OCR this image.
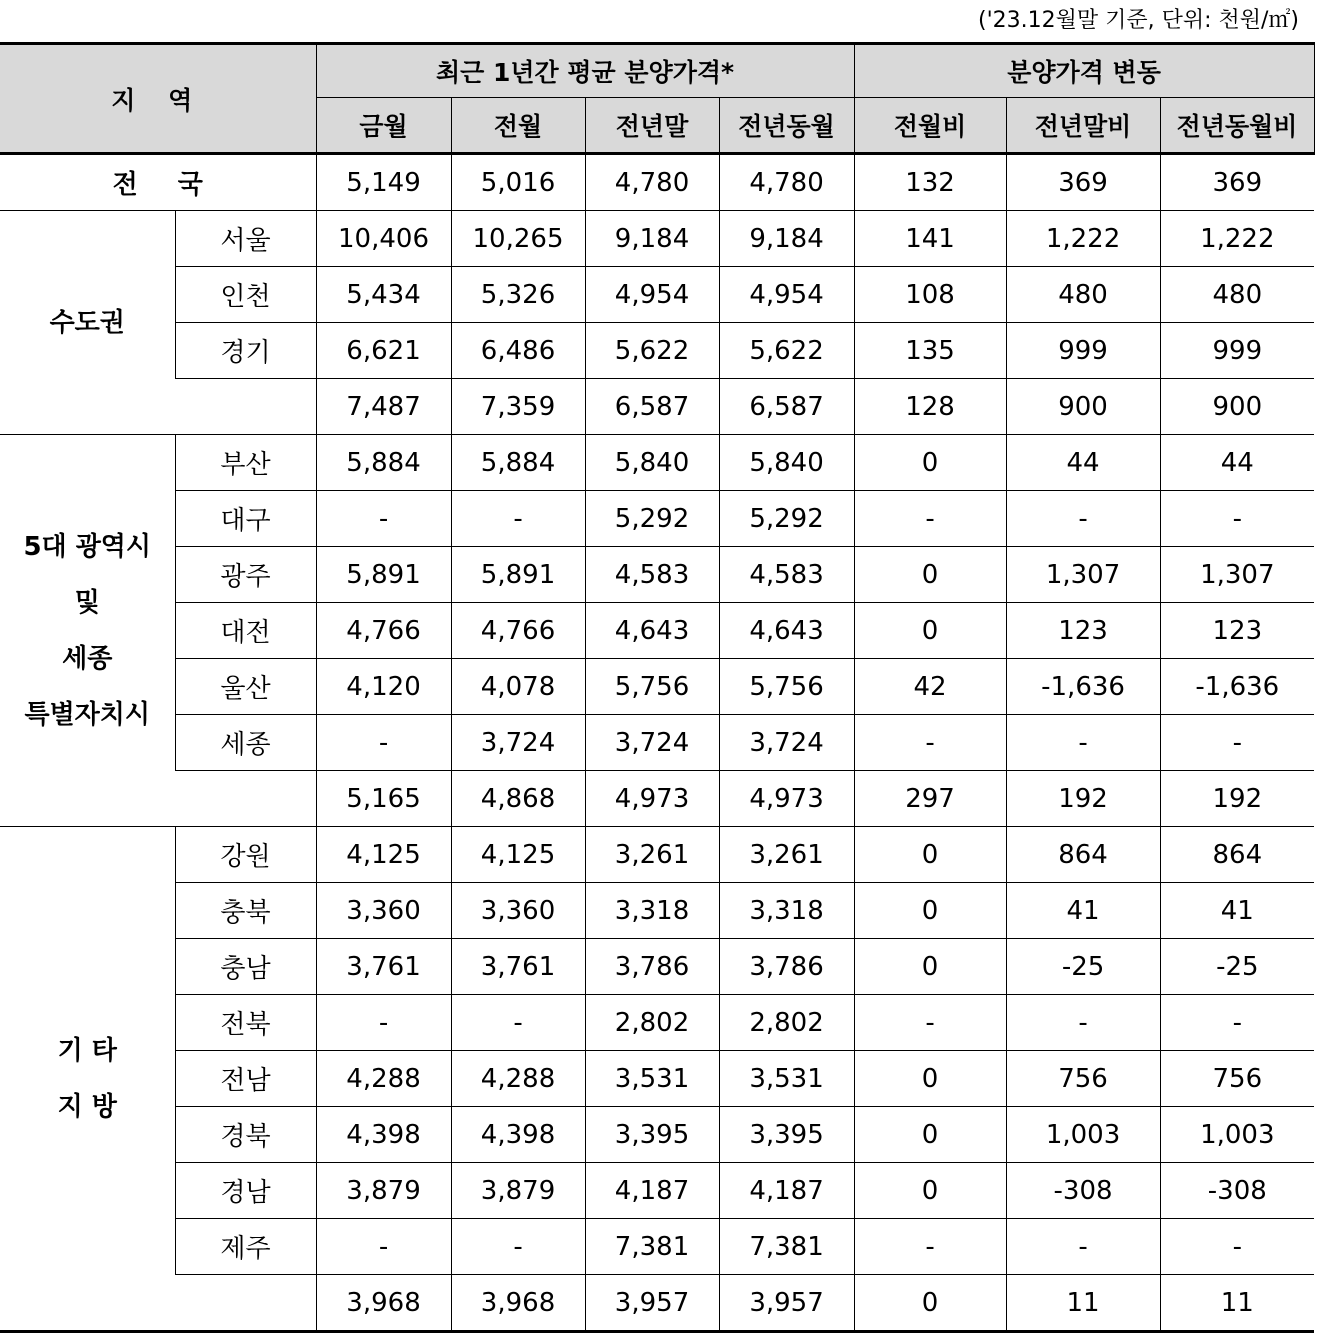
('23.12월말 기준, 단위: 천원/㎡)
지 역		최근 1년간 평균 분양가격*				분양가격 변동		
		금월	전월	전년말	전년동월	전월비	전년말비	전년동월비
전국		5,149	5,016	4,780	4,780	132	369	369

수도권	서울	10,406	10,265	9,184	9,184	141	1,222	1,222
	인천	5,434	5,326	4,954	4,954	108	480	480
	경기	6,621	6,486	5,622	5,622	135	999	999
		7,487	7,359	6,587	6,587	128	900	900

5대 광역시
및
세종
특별자치시	부산	5,884	5,884	5,840	5,840	0	44	44
	대구	-	-	5,292	5,292	-	-	-
	광주	5,891	5,891	4,583	4,583	0	1,307	1,307
	대전	4,766	4,766	4,643	4,643	0	123	123
	울산	4,120	4,078	5,756	5,756	42	-1,636	-1,636
	세종	-	3,724	3,724	3,724	-	-	-
		5,165	4,868	4,973	4,973	297	192	192

기 타
지 방	강원	4,125	4,125	3,261	3,261	0	864	864
	충북	3,360	3,360	3,318	3,318	0	41	41
	충남	3,761	3,761	3,786	3,786	0	-25	-25
	전북	-	-	2,802	2,802	-	-	-
	전남	4,288	4,288	3,531	3,531	0	756	756
	경북	4,398	4,398	3,395	3,395	0	1,003	1,003
	경남	3,879	3,879	4,187	4,187	0	-308	-308
	제주	-	-	7,381	7,381	-	-	-
		3,968	3,968	3,957	3,957	0	11	11
